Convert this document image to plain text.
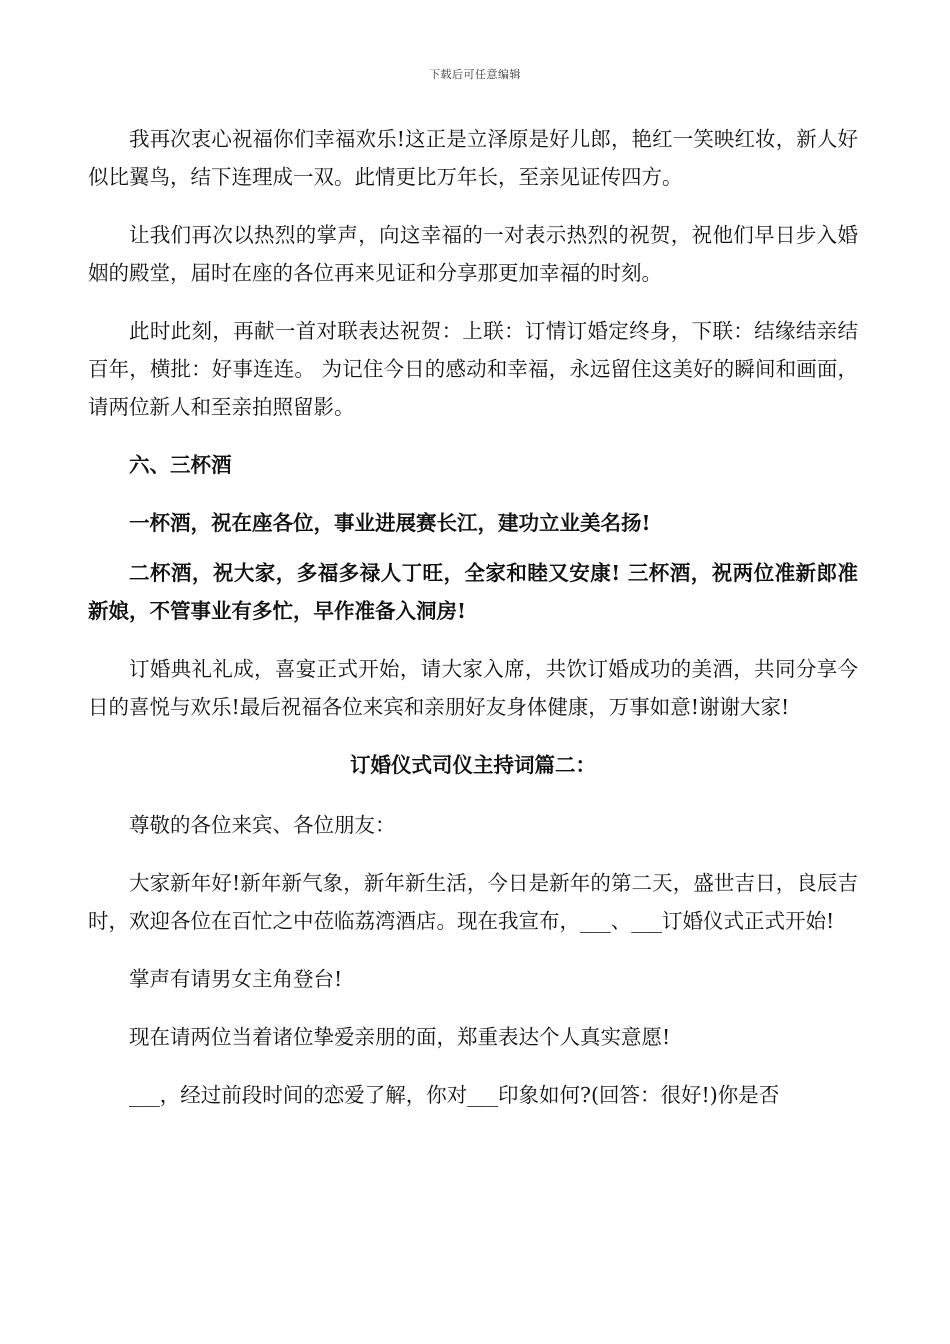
下载后可任意编辑

我再次衷心祝福你们幸福欢乐!这正是立泽原是好儿郎，艳红一笑映红妆，新人好似比翼鸟，结下连理成一双。此情更比万年长，至亲见证传四方。

让我们再次以热烈的掌声，向这幸福的一对表示热烈的祝贺，祝他们早日步入婚姻的殿堂，届时在座的各位再来见证和分享那更加幸福的时刻。

此时此刻，再献一首对联表达祝贺：上联：订情订婚定终身，下联：结缘结亲结百年，横批：好事连连。 为记住今日的感动和幸福，永远留住这美好的瞬间和画面，请两位新人和至亲拍照留影。

六、三杯酒

一杯酒，祝在座各位，事业进展赛长江，建功立业美名扬!

二杯酒，祝大家，多福多禄人丁旺，全家和睦又安康! 三杯酒，祝两位准新郎准新娘，不管事业有多忙，早作准备入洞房!

订婚典礼礼成，喜宴正式开始，请大家入席，共饮订婚成功的美酒，共同分享今日的喜悦与欢乐!最后祝福各位来宾和亲朋好友身体健康，万事如意!谢谢大家!

订婚仪式司仪主持词篇二：

尊敬的各位来宾、各位朋友：

大家新年好!新年新气象，新年新生活，今日是新年的第二天，盛世吉日，良辰吉时，欢迎各位在百忙之中莅临荔湾酒店。现在我宣布，___、___订婚仪式正式开始!

掌声有请男女主角登台!

现在请两位当着诸位挚爱亲朋的面，郑重表达个人真实意愿!

___，经过前段时间的恋爱了解，你对___印象如何?(回答：很好!)你是否
